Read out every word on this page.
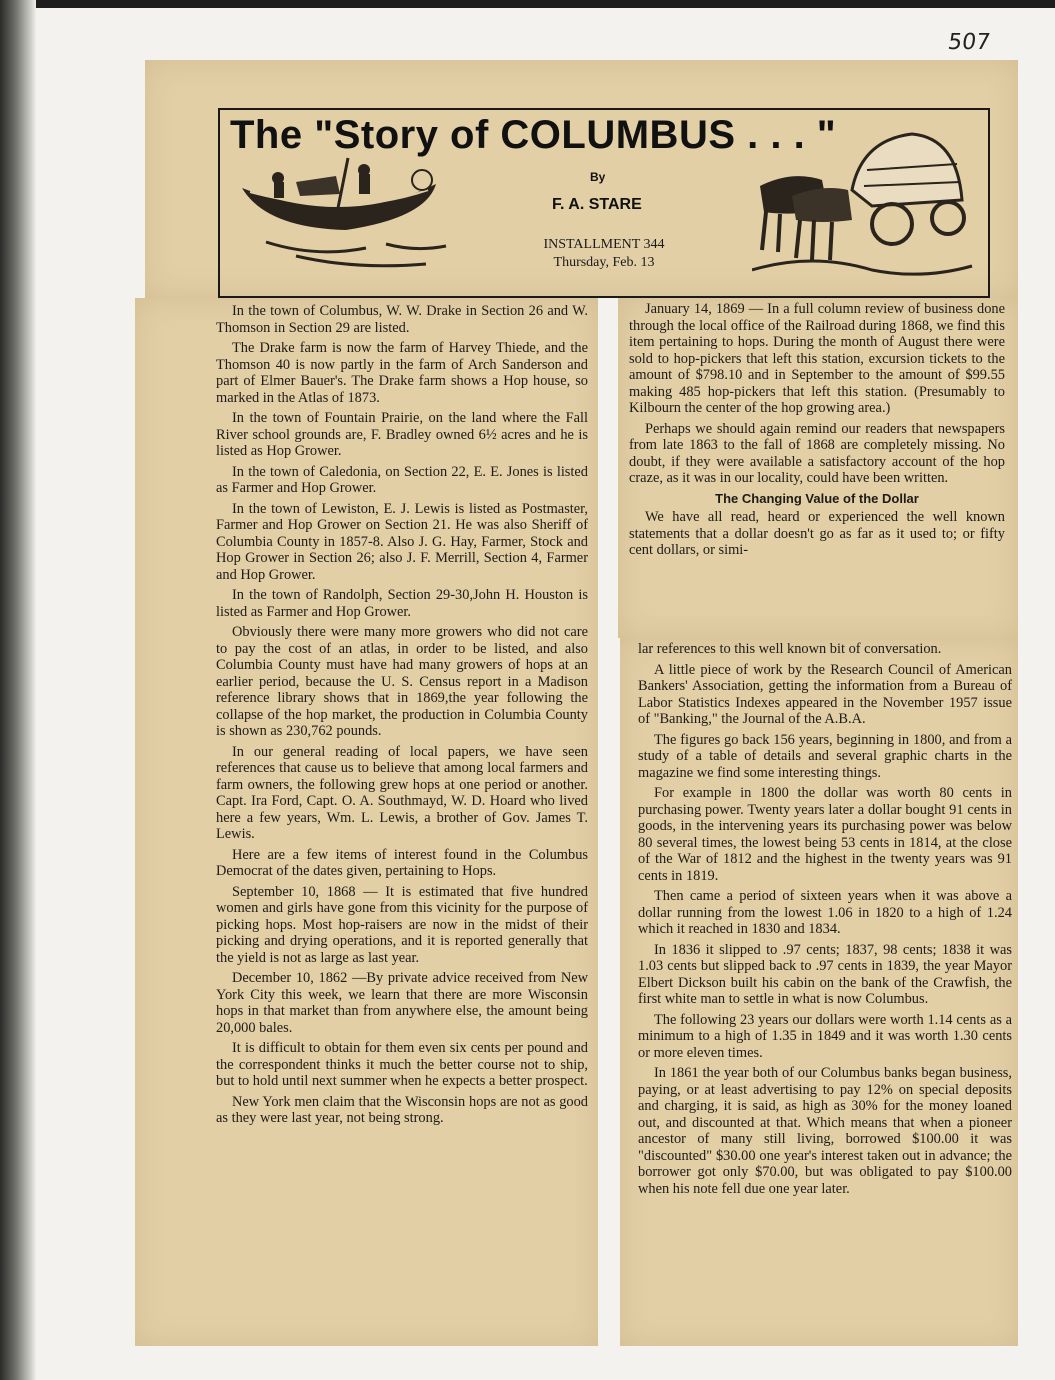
507
The "Story of COLUMBUS . . . "
By
F. A. STARE
INSTALLMENT 344
Thursday, Feb. 13

In the town of Columbus, W. W. Drake in Section 26 and W. Thomson in Section 29 are listed.

The Drake farm is now the farm of Harvey Thiede, and the Thomson 40 is now partly in the farm of Arch Sanderson and part of Elmer Bauer's. The Drake farm shows a Hop house, so marked in the Atlas of 1873.

In the town of Fountain Prairie, on the land where the Fall River school grounds are, F. Bradley owned 6½ acres and he is listed as Hop Grower.

In the town of Caledonia, on Section 22, E. E. Jones is listed as Farmer and Hop Grower.

In the town of Lewiston, E. J. Lewis is listed as Postmaster, Farmer and Hop Grower on Section 21. He was also Sheriff of Columbia County in 1857-8. Also J. G. Hay, Farmer, Stock and Hop Grower in Section 26; also J. F. Merrill, Section 4, Farmer and Hop Grower.

In the town of Randolph, Section 29-30,John H. Houston is listed as Farmer and Hop Grower.

Obviously there were many more growers who did not care to pay the cost of an atlas, in order to be listed, and also Columbia County must have had many growers of hops at an earlier period, because the U. S. Census report in a Madison reference library shows that in 1869,the year following the collapse of the hop market, the production in Columbia County is shown as 230,762 pounds.

In our general reading of local papers, we have seen references that cause us to believe that among local farmers and farm owners, the following grew hops at one period or another. Capt. Ira Ford, Capt. O. A. Southmayd, W. D. Hoard who lived here a few years, Wm. L. Lewis, a brother of Gov. James T. Lewis.

Here are a few items of interest found in the Columbus Democrat of the dates given, pertaining to Hops.

September 10, 1868 — It is estimated that five hundred women and girls have gone from this vicinity for the purpose of picking hops. Most hop-raisers are now in the midst of their picking and drying operations, and it is reported generally that the yield is not as large as last year.

December 10, 1862 —By private advice received from New York City this week, we learn that there are more Wisconsin hops in that market than from anywhere else, the amount being 20,000 bales.

It is difficult to obtain for them even six cents per pound and the correspondent thinks it much the better course not to ship, but to hold until next summer when he expects a better prospect.

New York men claim that the Wisconsin hops are not as good as they were last year, not being strong.

January 14, 1869 — In a full column review of business done through the local office of the Railroad during 1868, we find this item pertaining to hops. During the month of August there were sold to hop-pickers that left this station, excursion tickets to the amount of $798.10 and in September to the amount of $99.55 making 485 hop-pickers that left this station. (Presumably to Kilbourn the center of the hop growing area.)

Perhaps we should again remind our readers that newspapers from late 1863 to the fall of 1868 are completely missing. No doubt, if they were available a satisfactory account of the hop craze, as it was in our locality, could have been written.

The Changing Value of the Dollar

We have all read, heard or experienced the well known statements that a dollar doesn't go as far as it used to; or fifty cent dollars, or simi-

lar references to this well known bit of conversation.

A little piece of work by the Research Council of American Bankers' Association, getting the information from a Bureau of Labor Statistics Indexes appeared in the November 1957 issue of "Banking," the Journal of the A.B.A.

The figures go back 156 years, beginning in 1800, and from a study of a table of details and several graphic charts in the magazine we find some interesting things.

For example in 1800 the dollar was worth 80 cents in purchasing power. Twenty years later a dollar bought 91 cents in goods, in the intervening years its purchasing power was below 80 several times, the lowest being 53 cents in 1814, at the close of the War of 1812 and the highest in the twenty years was 91 cents in 1819.

Then came a period of sixteen years when it was above a dollar running from the lowest 1.06 in 1820 to a high of 1.24 which it reached in 1830 and 1834.

In 1836 it slipped to .97 cents; 1837, 98 cents; 1838 it was 1.03 cents but slipped back to .97 cents in 1839, the year Mayor Elbert Dickson built his cabin on the bank of the Crawfish, the first white man to settle in what is now Columbus.

The following 23 years our dollars were worth 1.14 cents as a minimum to a high of 1.35 in 1849 and it was worth 1.30 cents or more eleven times.

In 1861 the year both of our Columbus banks began business, paying, or at least advertising to pay 12% on special deposits and charging, it is said, as high as 30% for the money loaned out, and discounted at that. Which means that when a pioneer ancestor of many still living, borrowed $100.00 it was "discounted" $30.00 one year's interest taken out in advance; the borrower got only $70.00, but was obligated to pay $100.00 when his note fell due one year later.
